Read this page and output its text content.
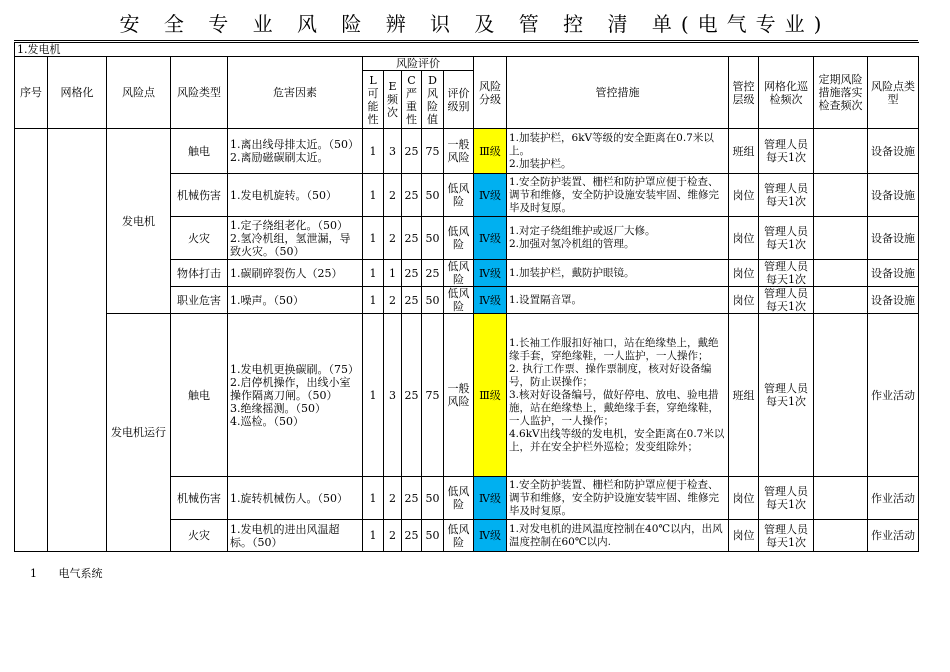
安 全 专 业 风 险 辨 识 及 管 控 清 单(电气专业)
1.发电机															
序号	网格化	风险点	风险类型	危害因素	风险评价					风险分级	管控措施	管控层级	网格化巡检频次	定期风险措施落实检查频次	风险点类型
					L可能性	E频次	C严重性	D风险值	评价级别						
		发电机	触电	1.离出线母排太近。（50）
2.离励磁碳刷太近。	1	3	25	75	一般风险	Ⅲ级	1.加装护栏，6kV等级的安全距离在0.7米以上。
2.加装护栏。	班组	管理人员每天1次		设备设施
			机械伤害	1.发电机旋转。（50）	1	2	25	50	低风险	Ⅳ级	1.安全防护装置、栅栏和防护罩应便于检查、调节和维修，安全防护设施安装牢固、维修完毕及时复原。	岗位	管理人员每天1次		设备设施
			火灾	1.定子绕组老化。（50）
2.氢冷机组，氢泄漏，导致火灾。（50）	1	2	25	50	低风险	Ⅳ级	1.对定子绕组维护或返厂大修。
2.加强对氢冷机组的管理。	岗位	管理人员每天1次		设备设施
			物体打击	1.碳刷碎裂伤人（25）	1	1	25	25	低风险	Ⅳ级	1.加装护栏，戴防护眼镜。	岗位	管理人员每天1次		设备设施
			职业危害	1.噪声。（50）	1	2	25	50	低风险	Ⅳ级	1.设置隔音罩。	岗位	管理人员每天1次		设备设施
		发电机运行	触电	1.发电机更换碳刷。（75）
2.启停机操作，出线小室操作隔离刀闸。（50）
3.绝缘摇测。（50）
4.巡检。（50）	1	3	25	75	一般风险	Ⅲ级	1.长袖工作服扣好袖口，站在绝缘垫上，戴绝缘手套，穿绝缘鞋，一人监护，一人操作；
2. 执行工作票、操作票制度，核对好设备编号，防止误操作；
3.核对好设备编号，做好停电、放电、验电措施，站在绝缘垫上，戴绝缘手套，穿绝缘鞋，一人监护，一人操作；
4.6kV出线等级的发电机，安全距离在0.7米以上，并在安全护栏外巡检；发变组除外；	班组	管理人员每天1次		作业活动
			机械伤害	1.旋转机械伤人。（50）	1	2	25	50	低风险	Ⅳ级	1.安全防护装置、栅栏和防护罩应便于检查、调节和维修，安全防护设施安装牢固、维修完毕及时复原。	岗位	管理人员每天1次		作业活动
			火灾	1.发电机的进出风温超标。（50）	1	2	25	50	低风险	Ⅳ级	1.对发电机的进风温度控制在40℃以内，出风温度控制在60℃以内.	岗位	管理人员每天1次		作业活动
1 电气系统
